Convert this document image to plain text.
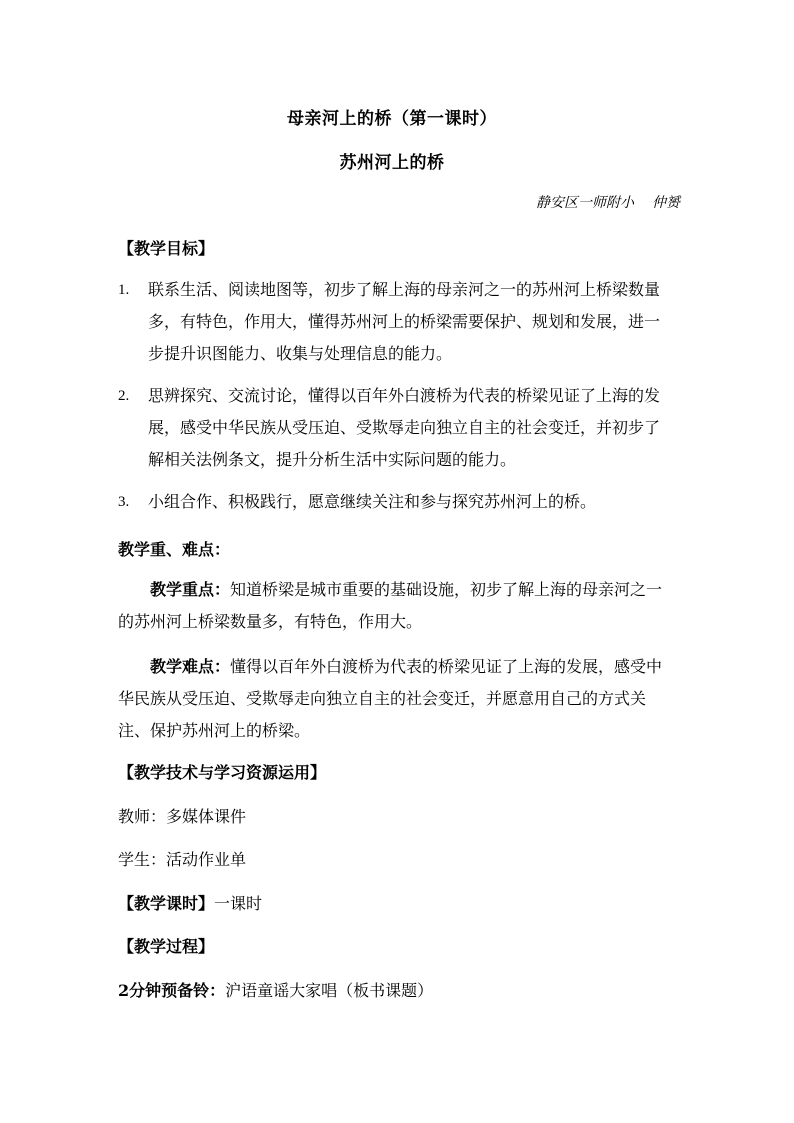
母亲河上的桥（第一课时）
苏州河上的桥
静安区一师附小 仲赟
【教学目标】
1. 联系生活、阅读地图等，初步了解上海的母亲河之一的苏州河上桥梁数量
多，有特色，作用大，懂得苏州河上的桥梁需要保护、规划和发展，进一
步提升识图能力、收集与处理信息的能力。
2. 思辨探究、交流讨论，懂得以百年外白渡桥为代表的桥梁见证了上海的发
展，感受中华民族从受压迫、受欺辱走向独立自主的社会变迁，并初步了
解相关法例条文，提升分析生活中实际问题的能力。
3. 小组合作、积极践行，愿意继续关注和参与探究苏州河上的桥。
教学重、难点：
教学重点：知道桥梁是城市重要的基础设施，初步了解上海的母亲河之一
的苏州河上桥梁数量多，有特色，作用大。
教学难点：懂得以百年外白渡桥为代表的桥梁见证了上海的发展，感受中
华民族从受压迫、受欺辱走向独立自主的社会变迁，并愿意用自己的方式关
注、保护苏州河上的桥梁。
【教学技术与学习资源运用】
教师：多媒体课件
学生：活动作业单
【教学课时】一课时
【教学过程】
2分钟预备铃：沪语童谣大家唱（板书课题）
